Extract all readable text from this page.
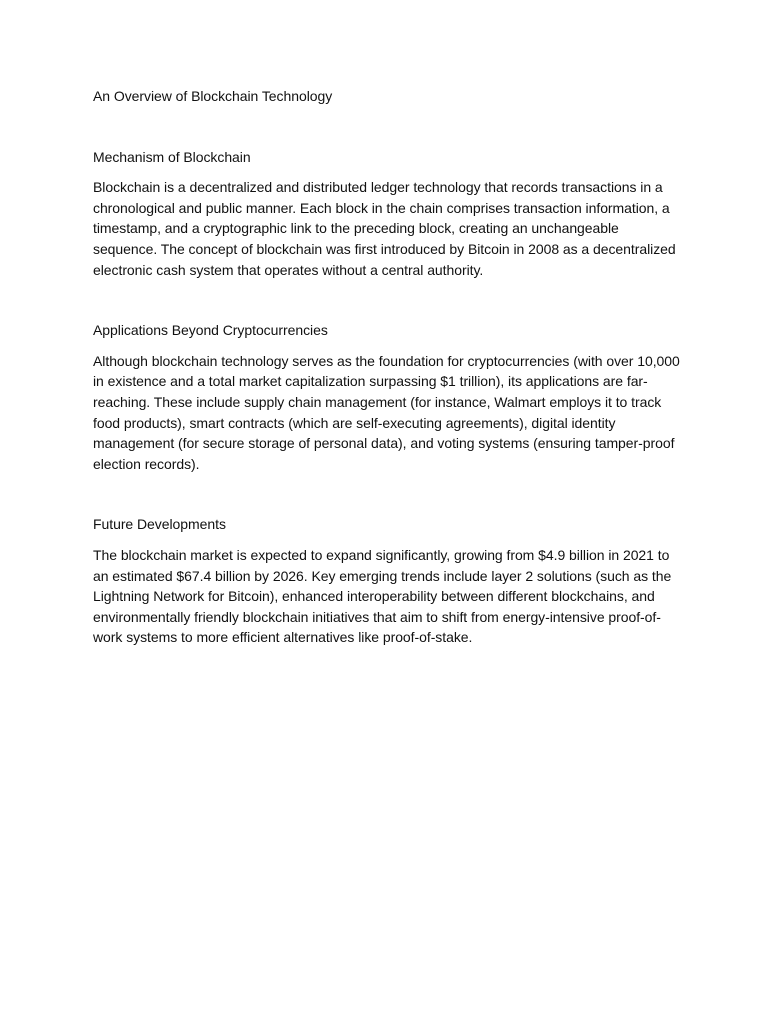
An Overview of Blockchain Technology
Mechanism of Blockchain

Blockchain is a decentralized and distributed ledger technology that records transactions in a chronological and public manner. Each block in the chain comprises transaction information, a timestamp, and a cryptographic link to the preceding block, creating an unchangeable sequence. The concept of blockchain was first introduced by Bitcoin in 2008 as a decentralized electronic cash system that operates without a central authority.

Applications Beyond Cryptocurrencies

Although blockchain technology serves as the foundation for cryptocurrencies (with over 10,000 in existence and a total market capitalization surpassing $1 trillion), its applications are far-reaching. These include supply chain management (for instance, Walmart employs it to track food products), smart contracts (which are self-executing agreements), digital identity management (for secure storage of personal data), and voting systems (ensuring tamper-proof election records).

Future Developments

The blockchain market is expected to expand significantly, growing from $4.9 billion in 2021 to an estimated $67.4 billion by 2026. Key emerging trends include layer 2 solutions (such as the Lightning Network for Bitcoin), enhanced interoperability between different blockchains, and environmentally friendly blockchain initiatives that aim to shift from energy-intensive proof-of-work systems to more efficient alternatives like proof-of-stake.
